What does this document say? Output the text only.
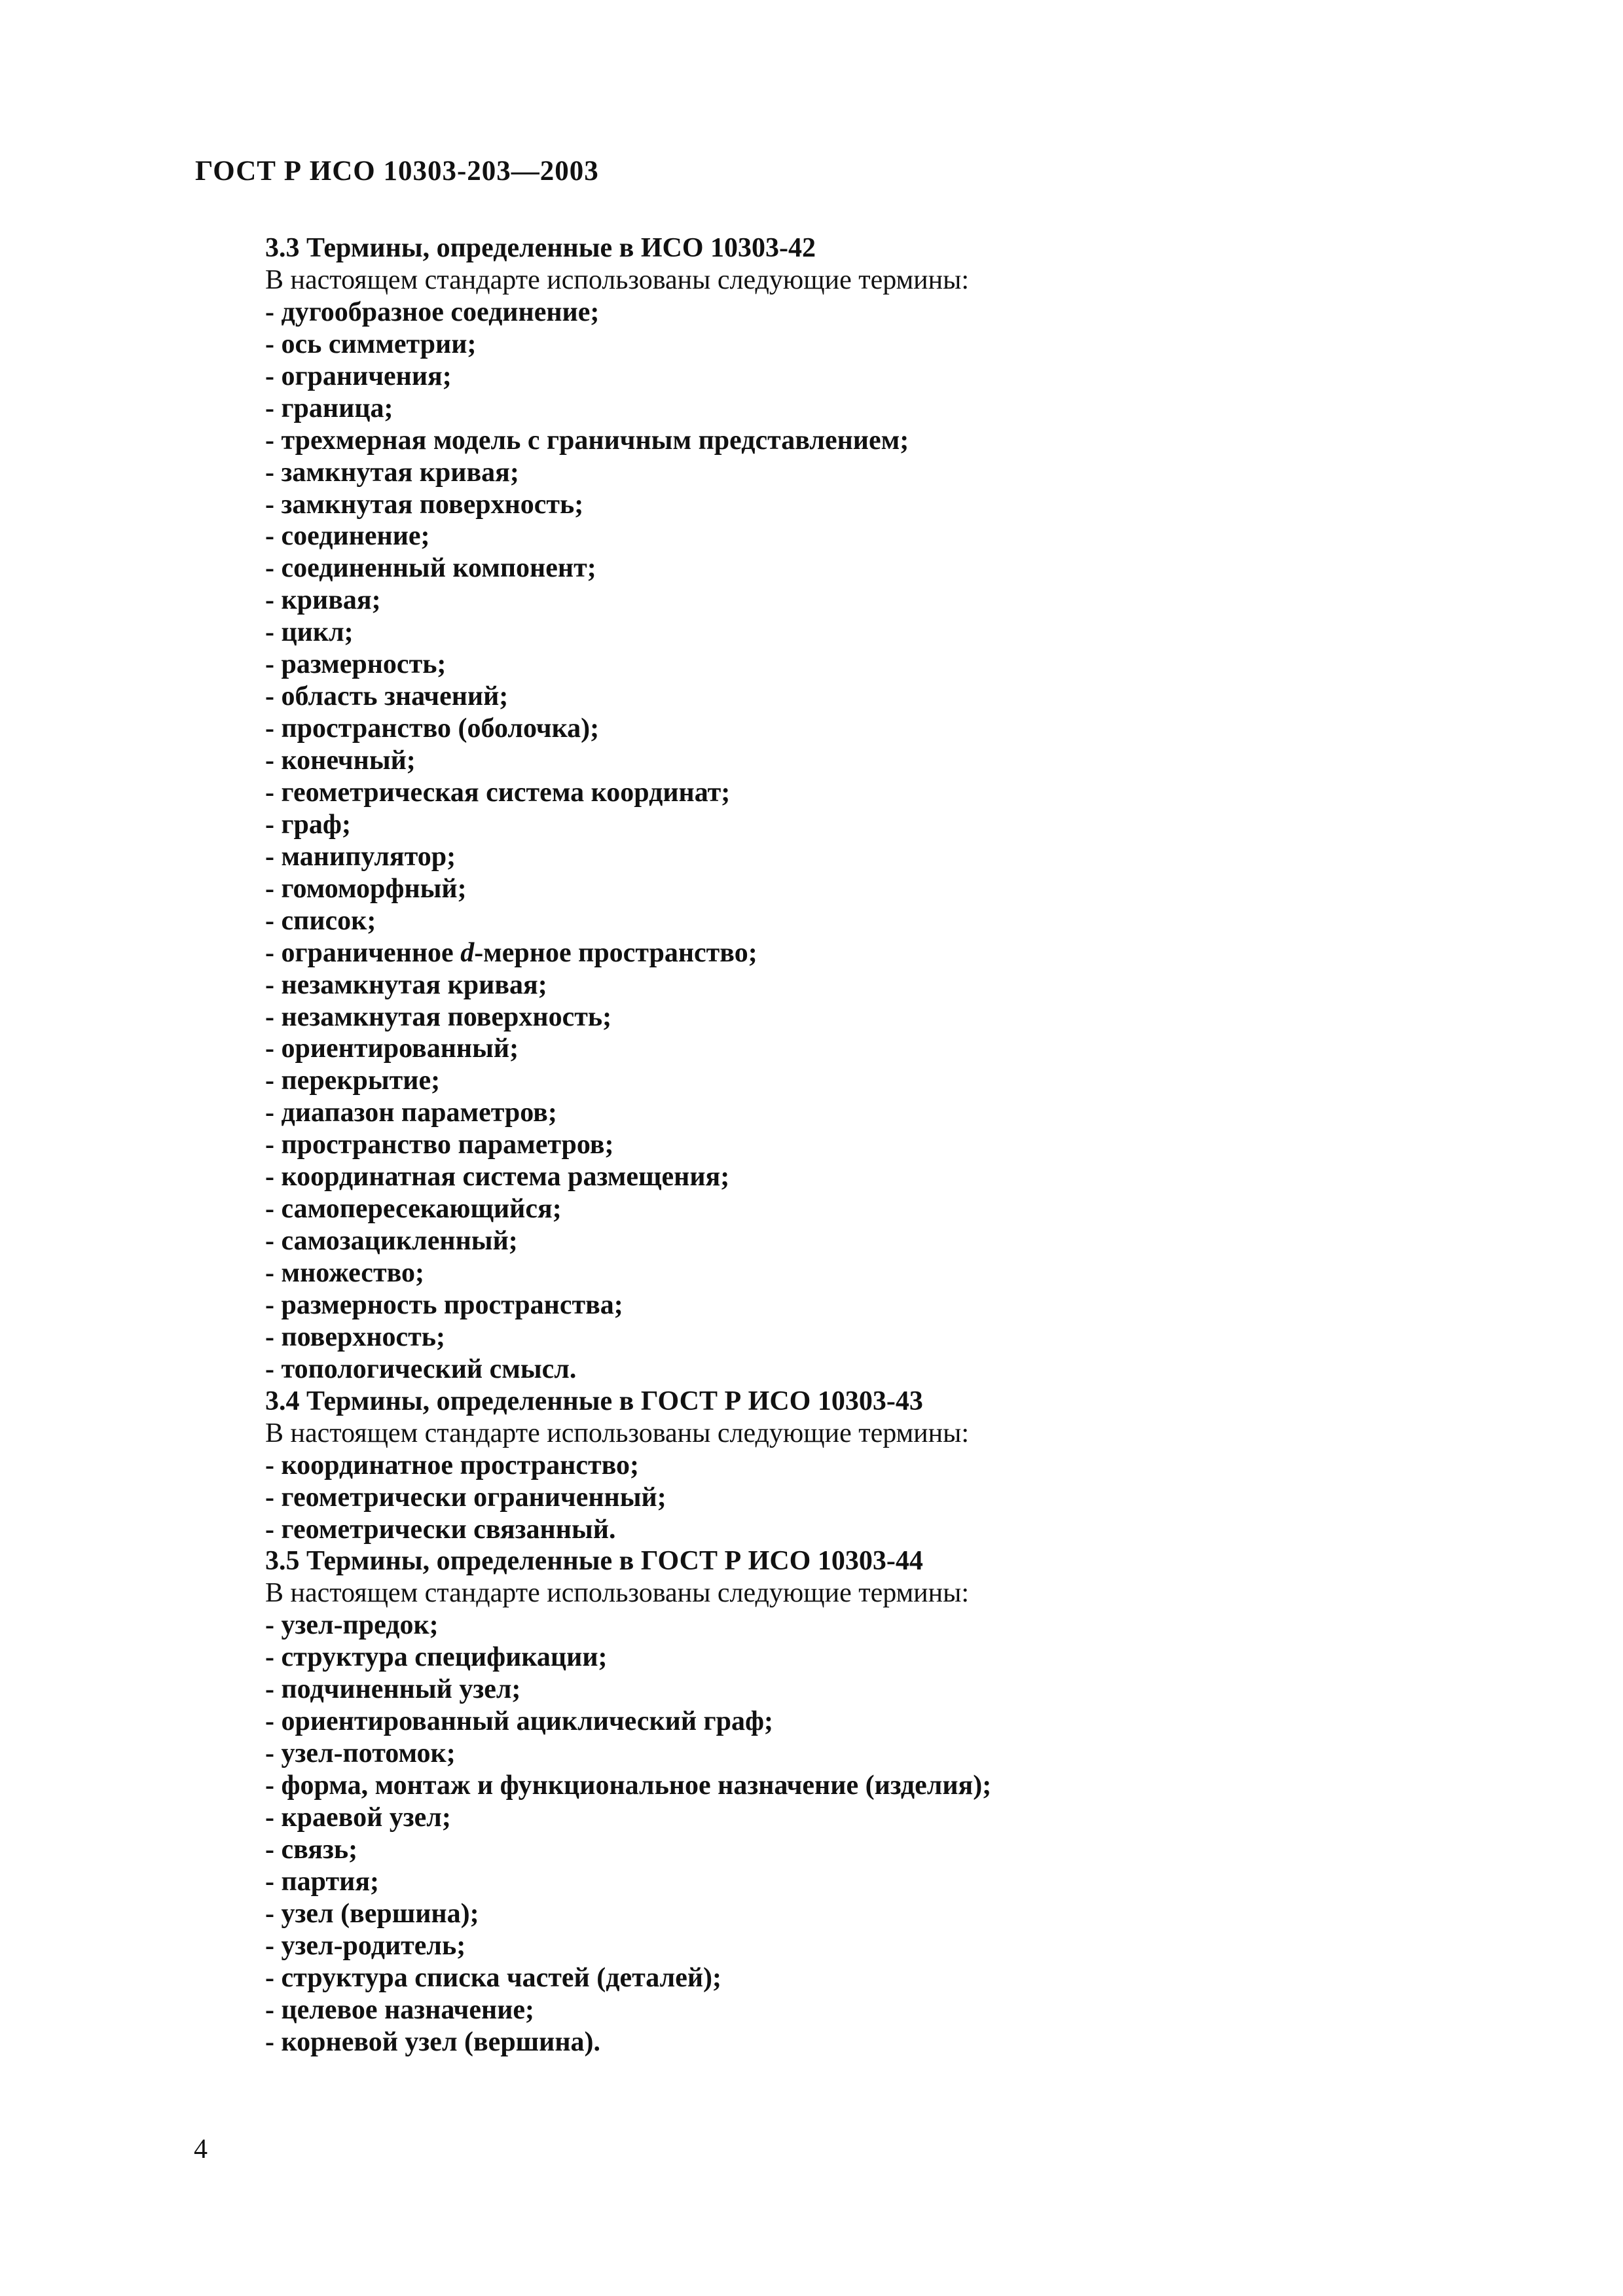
ГОСТ Р ИСО 10303-203—2003
3.3 Термины, определенные в ИСО 10303-42
В настоящем стандарте использованы следующие термины:
- дугообразное соединение;
- ось симметрии;
- ограничения;
- граница;
- трехмерная модель с граничным представлением;
- замкнутая кривая;
- замкнутая поверхность;
- соединение;
- соединенный компонент;
- кривая;
- цикл;
- размерность;
- область значений;
- пространство (оболочка);
- конечный;
- геометрическая система координат;
- граф;
- манипулятор;
- гомоморфный;
- список;
- ограниченное d-мерное пространство;
- незамкнутая кривая;
- незамкнутая поверхность;
- ориентированный;
- перекрытие;
- диапазон параметров;
- пространство параметров;
- координатная система размещения;
- самопересекающийся;
- самозацикленный;
- множество;
- размерность пространства;
- поверхность;
- топологический смысл.
3.4 Термины, определенные в ГОСТ Р ИСО 10303-43
В настоящем стандарте использованы следующие термины:
- координатное пространство;
- геометрически ограниченный;
- геометрически связанный.
3.5 Термины, определенные в ГОСТ Р ИСО 10303-44
В настоящем стандарте использованы следующие термины:
- узел-предок;
- структура спецификации;
- подчиненный узел;
- ориентированный ациклический граф;
- узел-потомок;
- форма, монтаж и функциональное назначение (изделия);
- краевой узел;
- связь;
- партия;
- узел (вершина);
- узел-родитель;
- структура списка частей (деталей);
- целевое назначение;
- корневой узел (вершина).
4
